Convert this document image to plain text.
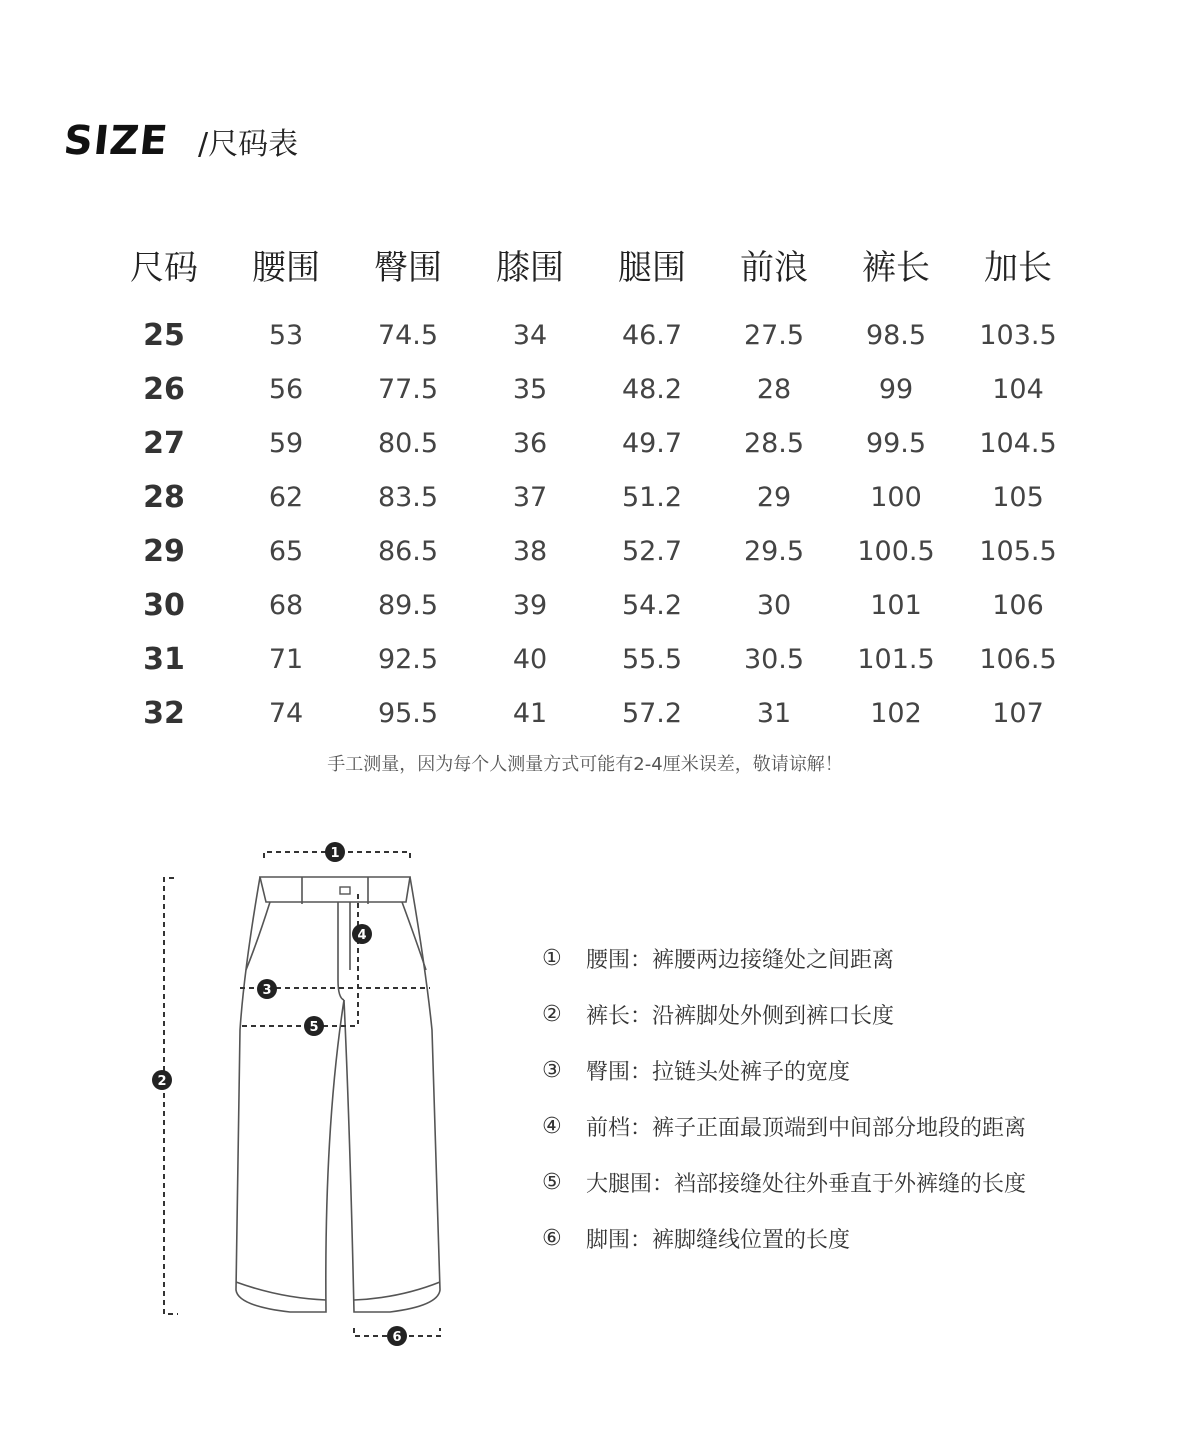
SIZE /尺码表
尺码	腰围	臀围	膝围	腿围	前浪	裤长	加长
25	53	74.5	34	46.7	27.5	98.5	103.5
26	56	77.5	35	48.2	28	99	104
27	59	80.5	36	49.7	28.5	99.5	104.5
28	62	83.5	37	51.2	29	100	105
29	65	86.5	38	52.7	29.5	100.5	105.5
30	68	89.5	39	54.2	30	101	106
31	71	92.5	40	55.5	30.5	101.5	106.5
32	74	95.5	41	57.2	31	102	107
手工测量，因为每个人测量方式可能有2-4厘米误差，敬请谅解！
1
2
3
4
5
6
①	腰围：裤腰两边接缝处之间距离
②	裤长：沿裤脚处外侧到裤口长度
③	臀围：拉链头处裤子的宽度
④	前档：裤子正面最顶端到中间部分地段的距离
⑤	大腿围：裆部接缝处往外垂直于外裤缝的长度
⑥	脚围：裤脚缝线位置的长度
